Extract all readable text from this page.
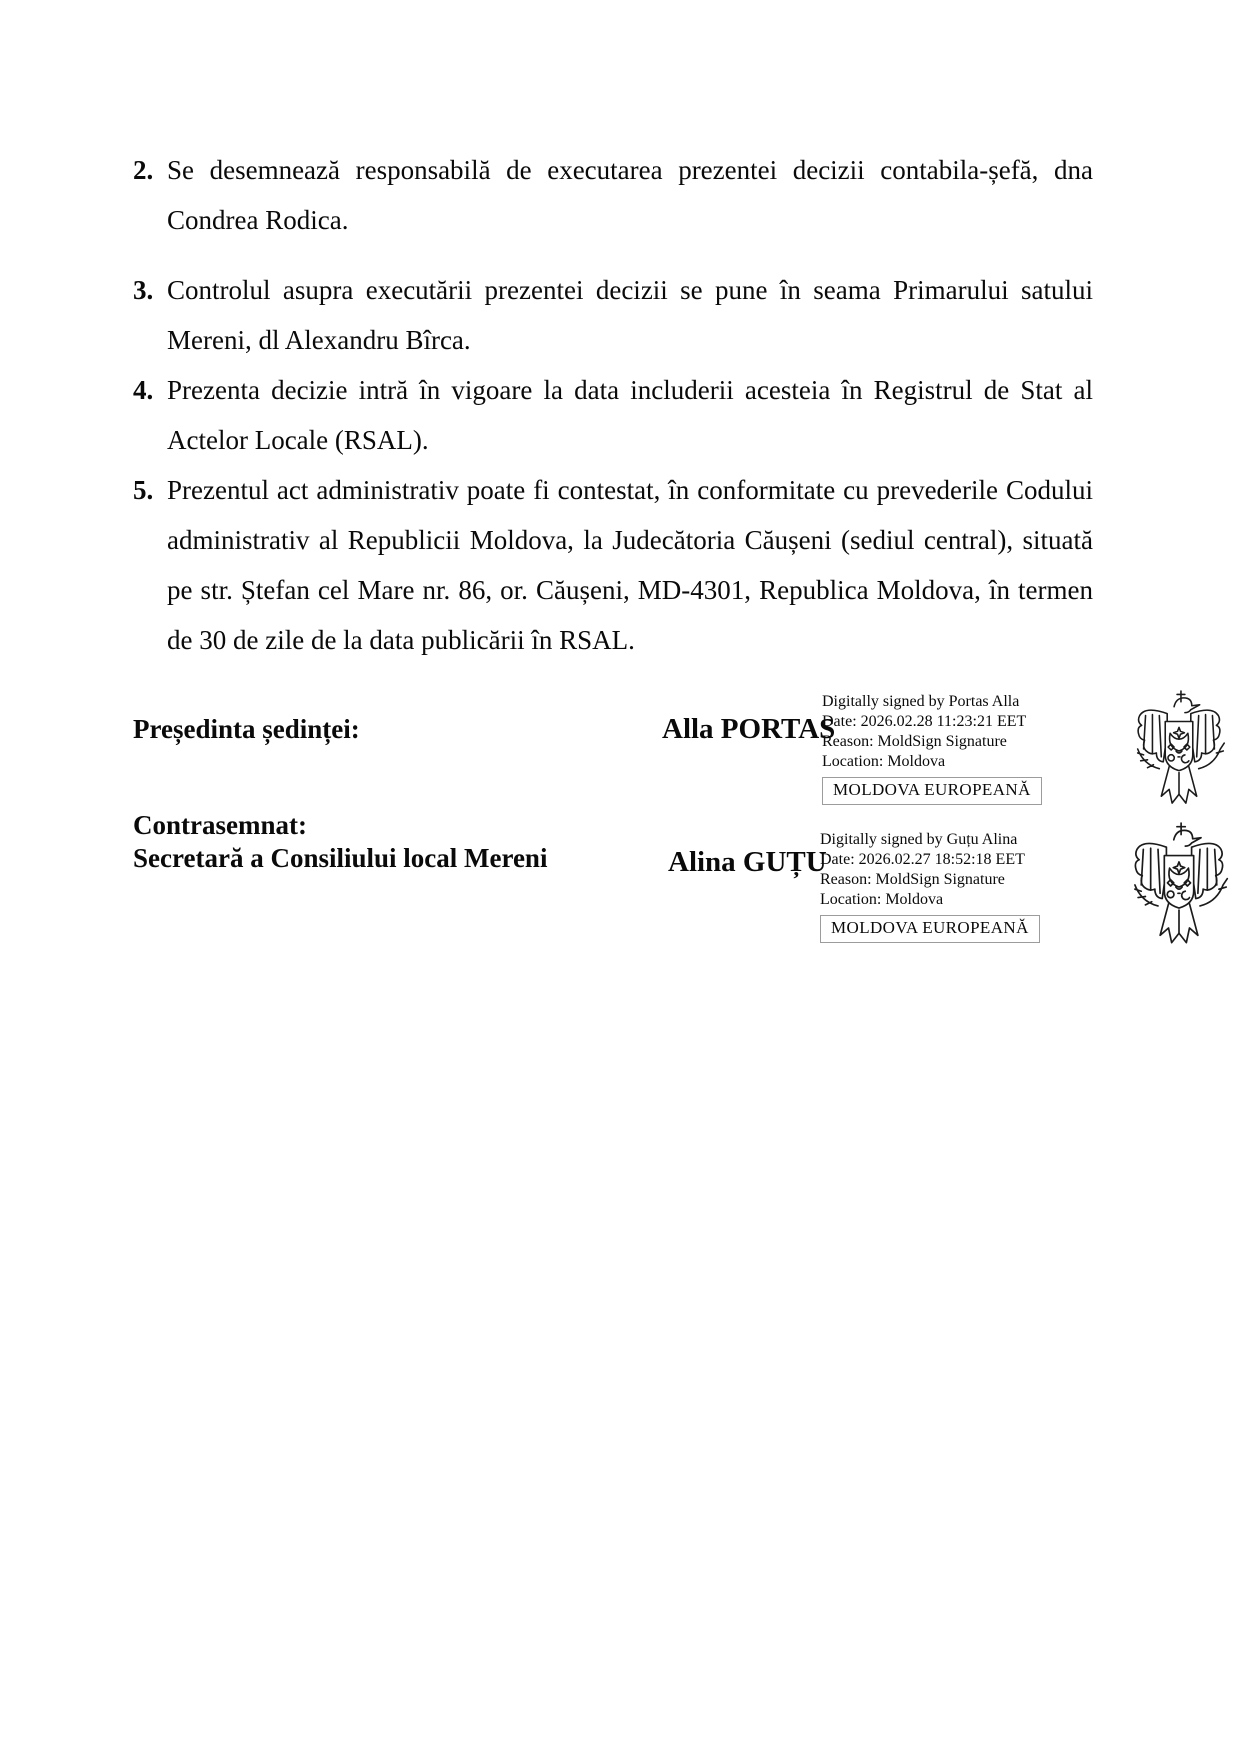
2. Se desemnează responsabilă de executarea prezentei decizii contabila-șefă, dna Condrea Rodica.
3. Controlul asupra executării prezentei decizii se pune în seama Primarului satului Mereni, dl Alexandru Bîrca.
4. Prezenta decizie intră în vigoare la data includerii acesteia în Registrul de Stat al Actelor Locale (RSAL).
5. Prezentul act administrativ poate fi contestat, în conformitate cu prevederile Codului administrativ al Republicii Moldova, la Judecătoria Căușeni (sediul central), situată pe str. Ștefan cel Mare nr. 86, or. Căușeni, MD-4301, Republica Moldova, în termen de 30 de zile de la data publicării în RSAL.
Președinta ședinței:	Alla PORTAS
Digitally signed by Portas Alla
Date: 2026.02.28 11:23:21 EET
Reason: MoldSign Signature
Location: Moldova
MOLDOVA EUROPEANĂ
Contrasemnat:
Secretară a Consiliului local Mereni	Alina GUȚU
Digitally signed by Guțu Alina
Date: 2026.02.27 18:52:18 EET
Reason: MoldSign Signature
Location: Moldova
MOLDOVA EUROPEANĂ
